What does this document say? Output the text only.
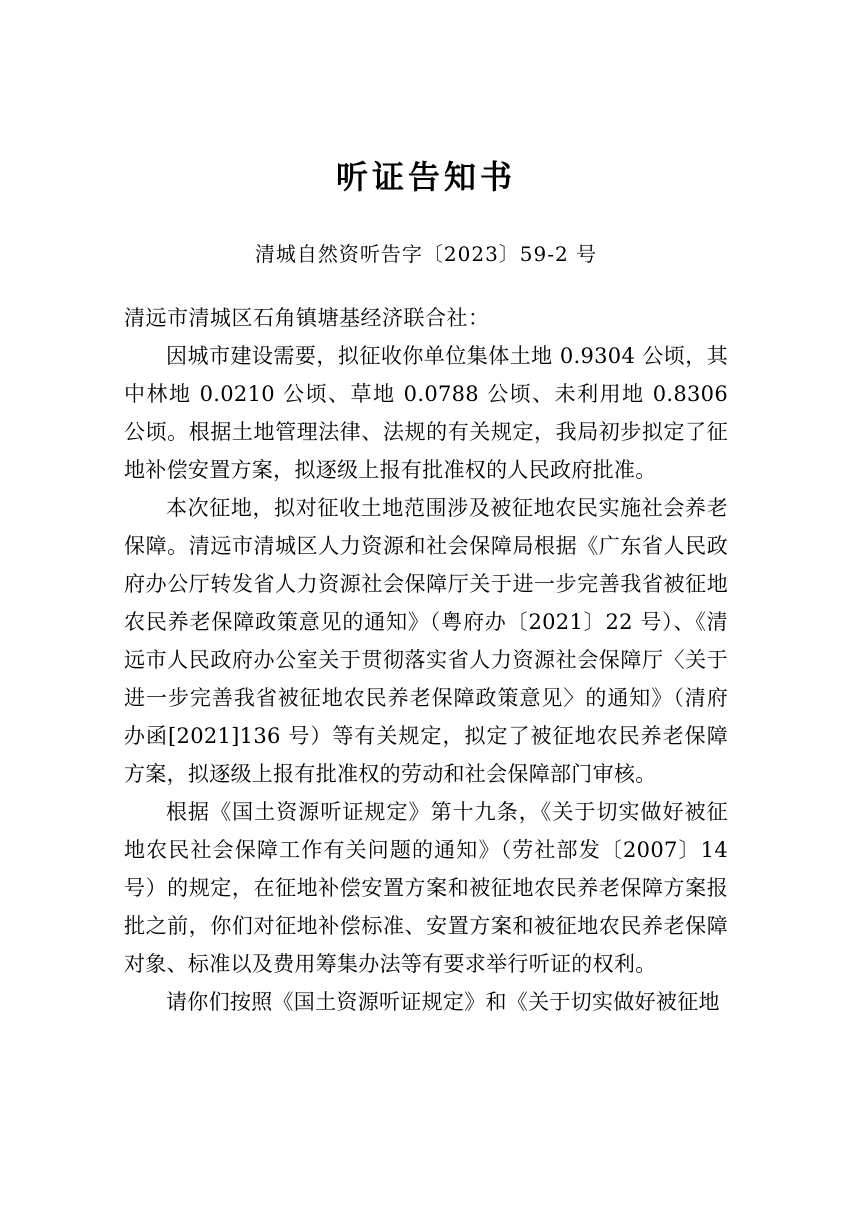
听证告知书
清城自然资听告字〔2023〕59-2 号
清远市清城区石角镇塘基经济联合社：

因城市建设需要，拟征收你单位集体土地 0.9304 公顷，其中林地 0.0210 公顷、草地 0.0788 公顷、未利用地 0.8306 公顷。根据土地管理法律、法规的有关规定，我局初步拟定了征地补偿安置方案，拟逐级上报有批准权的人民政府批准。

本次征地，拟对征收土地范围涉及被征地农民实施社会养老保障。清远市清城区人力资源和社会保障局根据《广东省人民政府办公厅转发省人力资源社会保障厅关于进一步完善我省被征地农民养老保障政策意见的通知》（粤府办〔2021〕22 号）、《清远市人民政府办公室关于贯彻落实省人力资源社会保障厅〈关于进一步完善我省被征地农民养老保障政策意见〉的通知》（清府办函[2021]136 号）等有关规定，拟定了被征地农民养老保障方案，拟逐级上报有批准权的劳动和社会保障部门审核。

根据《国土资源听证规定》第十九条，《关于切实做好被征地农民社会保障工作有关问题的通知》（劳社部发〔2007〕14 号）的规定，在征地补偿安置方案和被征地农民养老保障方案报批之前，你们对征地补偿标准、安置方案和被征地农民养老保障对象、标准以及费用筹集办法等有要求举行听证的权利。

请你们按照《国土资源听证规定》和《关于切实做好被征地
